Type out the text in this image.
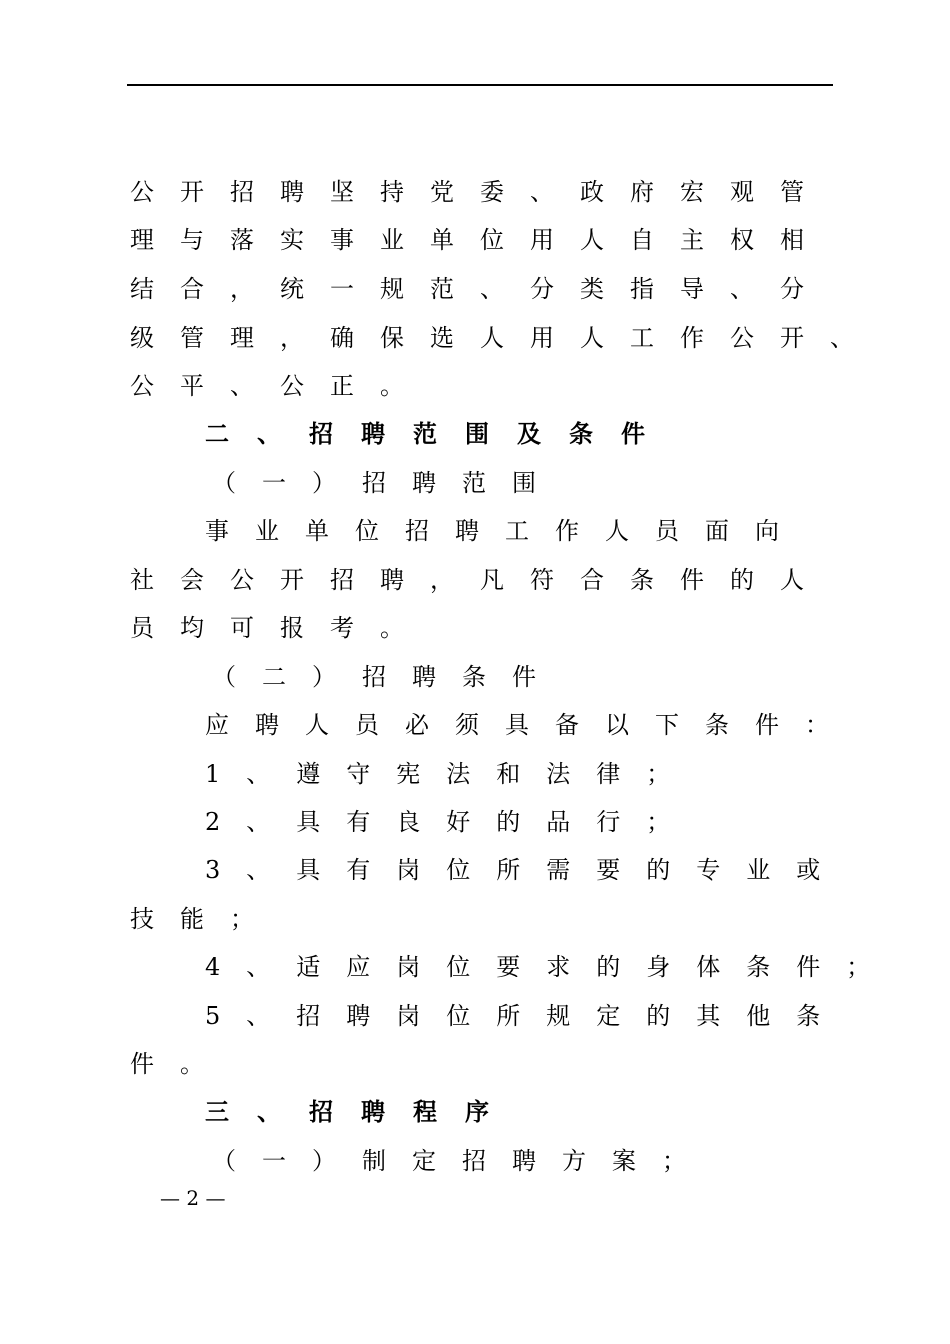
公开招聘坚持党委、政府宏观管
理与落实事业单位用人自主权相
结合，统一规范、分类指导、分
级管理，确保选人用人工作公开、
公平、公正。
二、招聘范围及条件
（一）招聘范围
事业单位招聘工作人员面向
社会公开招聘，凡符合条件的人
员均可报考。
（二）招聘条件
应聘人员必须具备以下条件：
1、遵守宪法和法律；
2、具有良好的品行；
3、具有岗位所需要的专业或
技能；
4、适应岗位要求的身体条件；
5、招聘岗位所规定的其他条
件。
三、招聘程序
（一）制定招聘方案；
— 2 —
